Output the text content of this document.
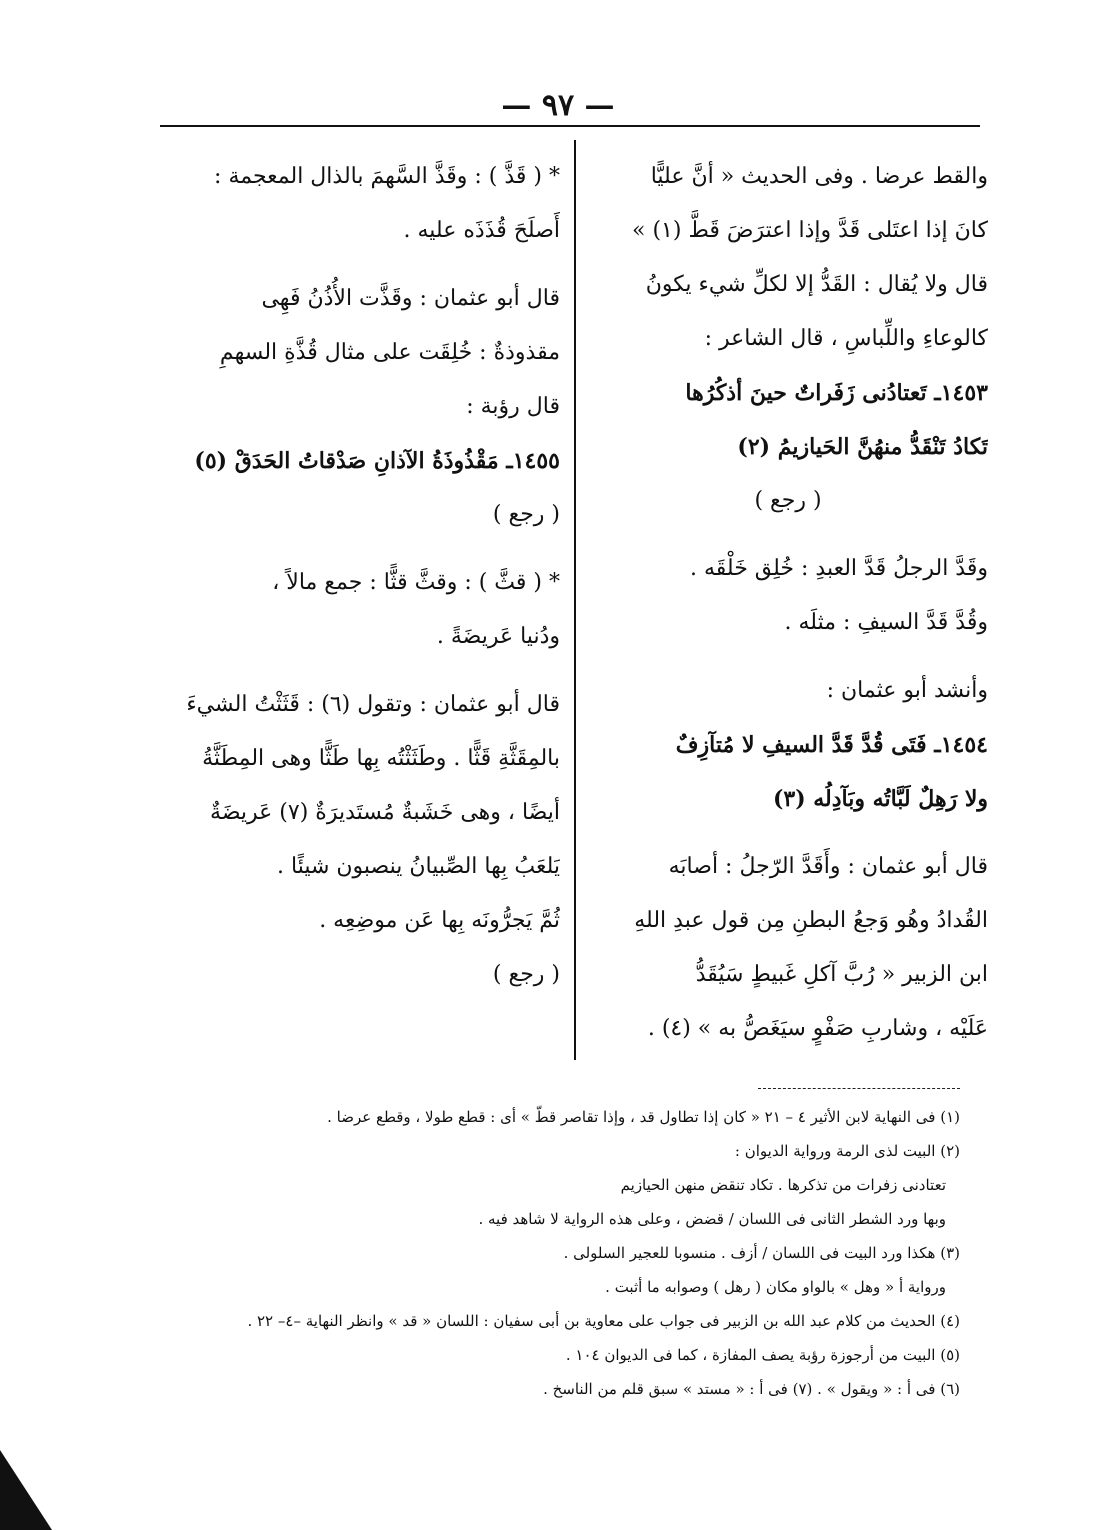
— ٩٧ —
والقط عرضا . وفى الحديث « أنَّ عليًّا
كانَ إذا اعتَلى قَدَّ وإذا اعترَضَ قَطَّ (١) »
قال ولا يُقال : القَدُّ إلا لكلِّ شيء يكونُ
كالوعاءِ واللِّباسِ ، قال الشاعر :
١٤٥٣ـ تَعتادُنى زَفَراتٌ حينَ أذكُرُها
تَكادُ تَنْقَدُّ منهُنَّ الحَيازيمُ (٢)
( رجع )
وقَدَّ الرجلُ قَدَّ العبدِ : خُلِق خَلْقَه .
وقُدَّ قَدَّ السيفِ : مثلَه .
وأنشد أبو عثمان :
١٤٥٤ـ فَتَى قُدَّ قَدَّ السيفِ لا مُتآزِفٌ
ولا رَهِلٌ لَبَّاتُه وبَآدِلُه (٣)
قال أبو عثمان : وأَقَدَّ الرّجلُ : أصابَه
القُدادُ وهُو وَجعُ البطنِ مِن قول عبدِ اللهِ
ابن الزبير « رُبَّ آكلِ غَبيطٍ سَيُقَدُّ
عَلَيْه ، وشاربِ صَفْوٍ سيَغَصُّ به » (٤) .
* ( قَذَّ ) : وقَذَّ السَّهمَ بالذال المعجمة :
أَصلَحَ قُذَذَه عليه .
قال أبو عثمان : وقَذَّت الأُذُنُ فَهِى
مقذوذةٌ : خُلِقَت على مثال قُذَّةِ السهمِ
قال رؤبة :
١٤٥٥ـ مَقْذُوذَةُ الآذانِ صَدْقاتُ الحَدَقْ (٥)
( رجع )
* ( قثَّ ) : وقثَّ قثًّا : جمع مالاً ،
ودُنيا عَريضَةً .
قال أبو عثمان : وتقول (٦) : قَثَثْتُ الشيءَ
بالمِقَثَّةِ قَثًّا . وطَثَثْتُه بِها طَثًّا وهى المِطَثَّةُ
أيضًا ، وهى خَشَبةٌ مُستَديرَةٌ (٧) عَريضَةٌ
يَلعَبُ بِها الصِّبيانُ ينصبون شيئًا .
ثُمَّ يَجرُّونَه بِها عَن موضِعِه .
( رجع )
(١) فى النهاية لابن الأثير ٤ – ٢١ « كان إذا تطاول قد ، وإذا تقاصر قطّ » أى : قطع طولا ، وقطع عرضا .
(٢) البيت لذى الرمة ورواية الديوان :
تعتادنى زفرات من تذكرها . تكاد تنقض منهن الحيازيم
وبها ورد الشطر الثانى فى اللسان / قضض ، وعلى هذه الرواية لا شاهد فيه .
(٣) هكذا ورد البيت فى اللسان / أزف . منسوبا للعجير السلولى .
ورواية أ « وهل » بالواو مكان ( رهل ) وصوابه ما أثبت .
(٤) الحديث من كلام عبد الله بن الزبير فى جواب على معاوية بن أبى سفيان : اللسان « قد » وانظر النهاية –٤– ٢٢ .
(٥) البيت من أرجوزة رؤبة يصف المفازة ، كما فى الديوان ١٠٤ .
(٦) فى أ : « ويقول » . (٧) فى أ : « مستد » سبق قلم من الناسخ .
